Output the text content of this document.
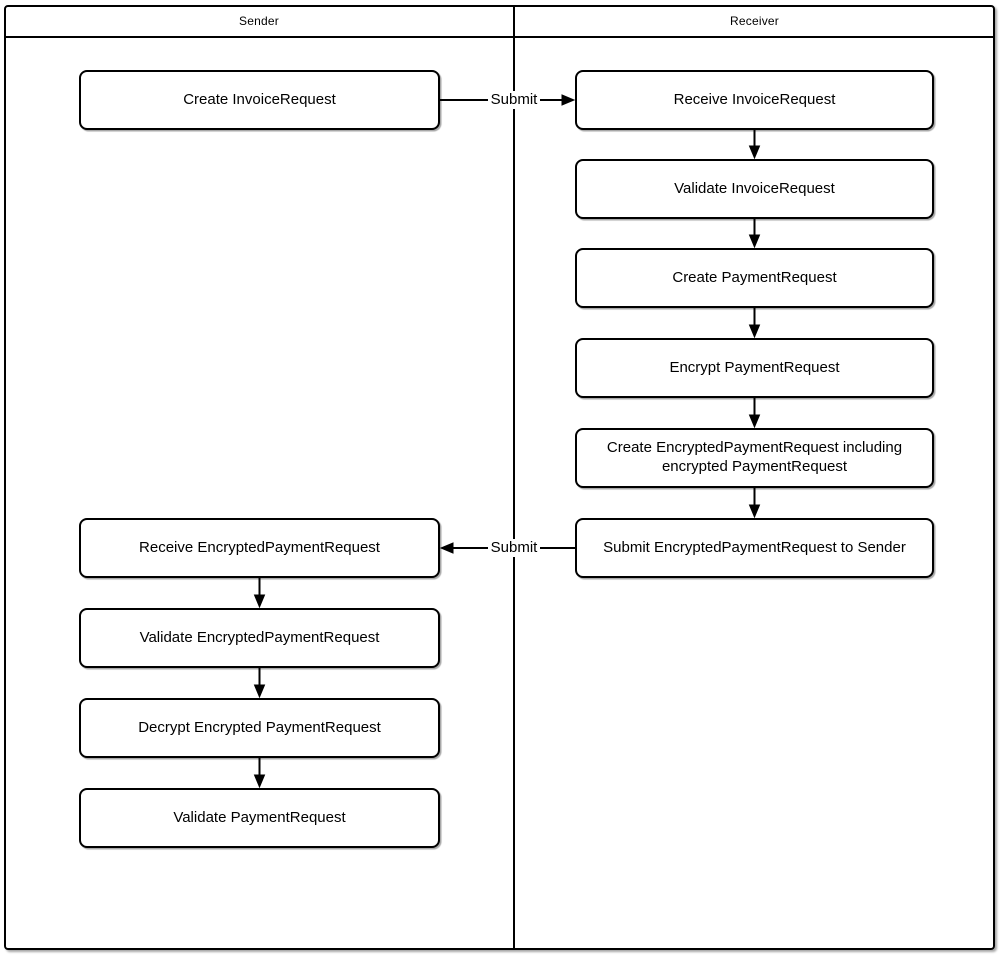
Sender	Receiver
Submit
Submit
Create InvoiceRequest
Receive EncryptedPaymentRequest
Validate EncryptedPaymentRequest
Decrypt Encrypted PaymentRequest
Validate PaymentRequest
Receive InvoiceRequest
Validate InvoiceRequest
Create PaymentRequest
Encrypt PaymentRequest
Create EncryptedPaymentRequest including encrypted PaymentRequest
Submit EncryptedPaymentRequest to Sender
